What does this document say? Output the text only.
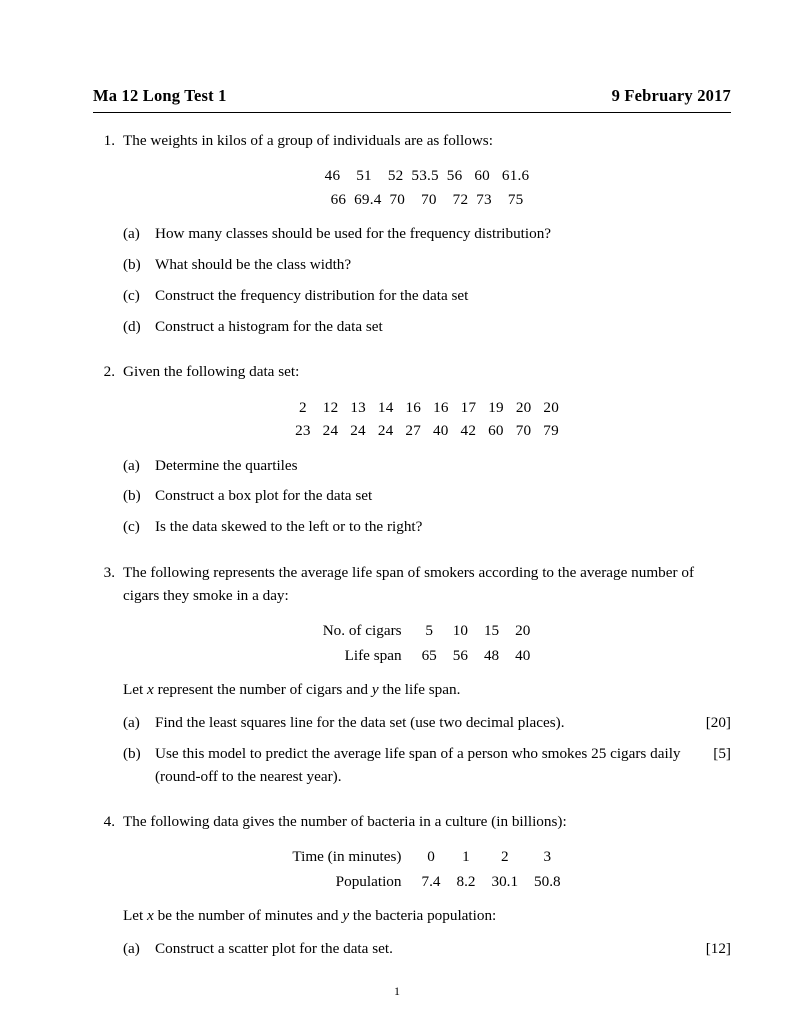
Ma 12 Long Test 1	9 February 2017
1. The weights in kilos of a group of individuals are as follows:
46    51    52  53.5  56   60   61.6
66  69.4  70    70    72  73    75
(a) How many classes should be used for the frequency distribution?
(b) What should be the class width?
(c) Construct the frequency distribution for the data set
(d) Construct a histogram for the data set
2. Given the following data set:
2    12   13   14   16   16   17   19   20   20
23   24   24   24   27   40   42   60   70   79
(a) Determine the quartiles
(b) Construct a box plot for the data set
(c) Is the data skewed to the left or to the right?
3. The following represents the average life span of smokers according to the average number of cigars they smoke in a day:
No. of cigars	5	10	15	20
Life span	65	56	48	40
Let x represent the number of cigars and y the life span.
(a)	[20]
Find the least squares line for the data set (use two decimal places).
(b)	[5]
Use this model to predict the average life span of a person who smokes 25 cigars daily (round-off to the nearest year).
4. The following data gives the number of bacteria in a culture (in billions):
Time (in minutes)	0	1	2	3
Population	7.4	8.2	30.1	50.8
Let x be the number of minutes and y the bacteria population:
(a)	[12]
Construct a scatter plot for the data set.
1
